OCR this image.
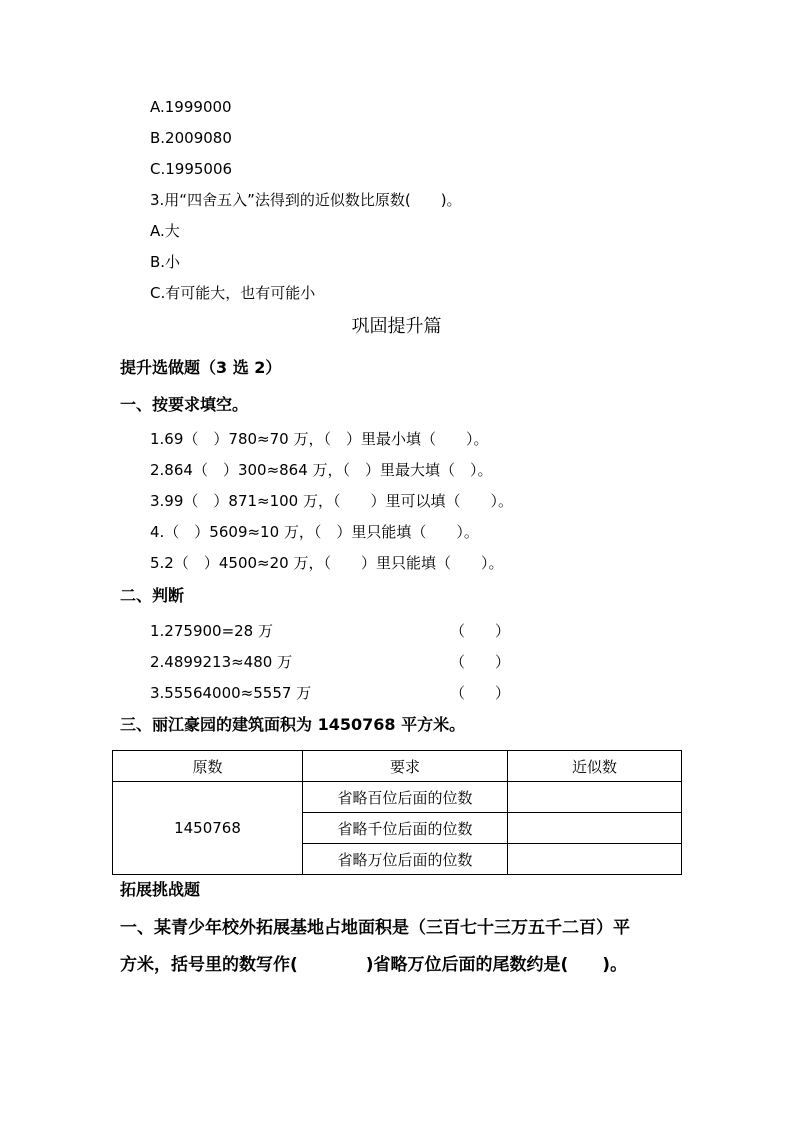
A.1999000
B.2009080
C.1995006
3.用“四舍五入”法得到的近似数比原数(　　)。
A.大
B.小
C.有可能大，也有可能小
巩固提升篇
提升选做题（3 选 2）
一、按要求填空。
1.69（　）780≈70 万，（　）里最小填（　　）。
2.864（　）300≈864 万，（　）里最大填（　）。
3.99（　）871≈100 万，（　　）里可以填（　　）。
4.（　）5609≈10 万，（　）里只能填（　　）。
5.2（　）4500≈20 万，（　　）里只能填（　　）。
二、判断
1.275900=28 万	（　　）
2.4899213≈480 万	（　　）
3.55564000≈5557 万	（　　）
三、丽江豪园的建筑面积为 1450768 平方米。
原数	要求	近似数
1450768	省略百位后面的位数	
	省略千位后面的位数	
	省略万位后面的位数	
拓展挑战题
一、某青少年校外拓展基地占地面积是（三百七十三万五千二百）平
方米，括号里的数写作(　　　　)省略万位后面的尾数约是(　　)。
